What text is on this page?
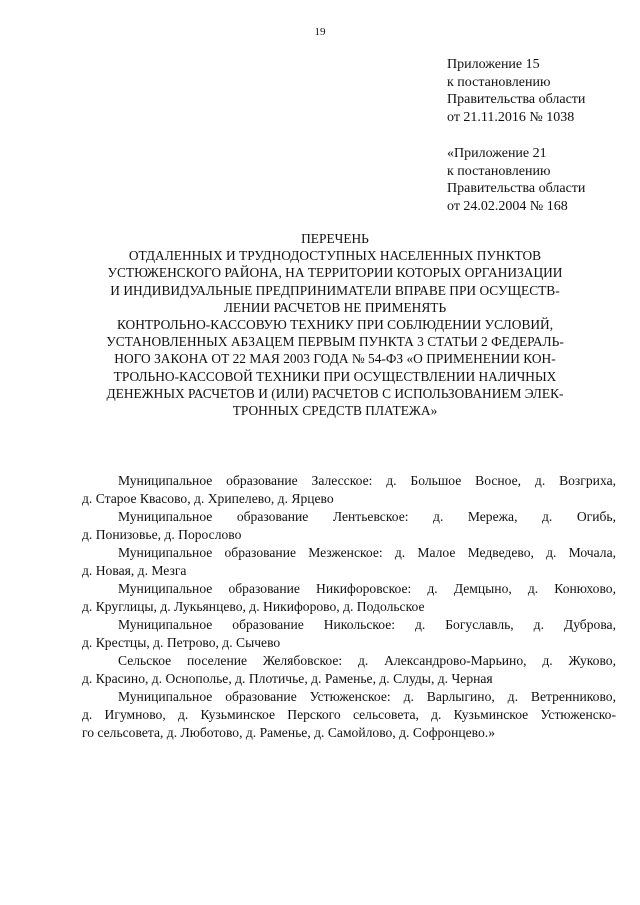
19
Приложение 15
к постановлению
Правительства области
от 21.11.2016 № 1038
«Приложение 21
к постановлению
Правительства области
от 24.02.2004 № 168
ПЕРЕЧЕНЬ
ОТДАЛЕННЫХ И ТРУДНОДОСТУПНЫХ НАСЕЛЕННЫХ ПУНКТОВ
УСТЮЖЕНСКОГО РАЙОНА, НА ТЕРРИТОРИИ КОТОРЫХ ОРГАНИЗАЦИИ
И ИНДИВИДУАЛЬНЫЕ ПРЕДПРИНИМАТЕЛИ ВПРАВЕ ПРИ ОСУЩЕСТВ-
ЛЕНИИ РАСЧЕТОВ НЕ ПРИМЕНЯТЬ
КОНТРОЛЬНО-КАССОВУЮ ТЕХНИКУ ПРИ СОБЛЮДЕНИИ УСЛОВИЙ,
УСТАНОВЛЕННЫХ АБЗАЦЕМ ПЕРВЫМ ПУНКТА 3 СТАТЬИ 2 ФЕДЕРАЛЬ-
НОГО ЗАКОНА ОТ 22 МАЯ 2003 ГОДА № 54-ФЗ «О ПРИМЕНЕНИИ КОН-
ТРОЛЬНО-КАССОВОЙ ТЕХНИКИ ПРИ ОСУЩЕСТВЛЕНИИ НАЛИЧНЫХ
ДЕНЕЖНЫХ РАСЧЕТОВ И (ИЛИ) РАСЧЕТОВ С ИСПОЛЬЗОВАНИЕМ ЭЛЕК-
ТРОННЫХ СРЕДСТВ ПЛАТЕЖА»
Муниципальное образование Залесское: д. Большое Восное, д. Возгриха,
д. Старое Квасово, д. Хрипелево, д. Ярцево
Муниципальное образование Лентьевское: д. Мережа, д. Огибь,
д. Понизовье, д. Порослово
Муниципальное образование Мезженское: д. Малое Медведево, д. Мочала,
д. Новая, д. Мезга
Муниципальное образование Никифоровское: д. Демцыно, д. Конюхово,
д. Круглицы, д. Лукьянцево, д. Никифорово, д. Подольское
Муниципальное образование Никольское: д. Богуславль, д. Дуброва,
д. Крестцы, д. Петрово, д. Сычево
Сельское поселение Желябовское: д. Александрово-Марьино, д. Жуково,
д. Красино, д. Оснополье, д. Плотичье, д. Раменье, д. Слуды, д. Черная
Муниципальное образование Устюженское: д. Варлыгино, д. Ветренниково,
д. Игумново, д. Кузьминское Перского сельсовета, д. Кузьминское Устюженско-
го сельсовета, д. Люботово, д. Раменье, д. Самойлово, д. Софронцево.»
